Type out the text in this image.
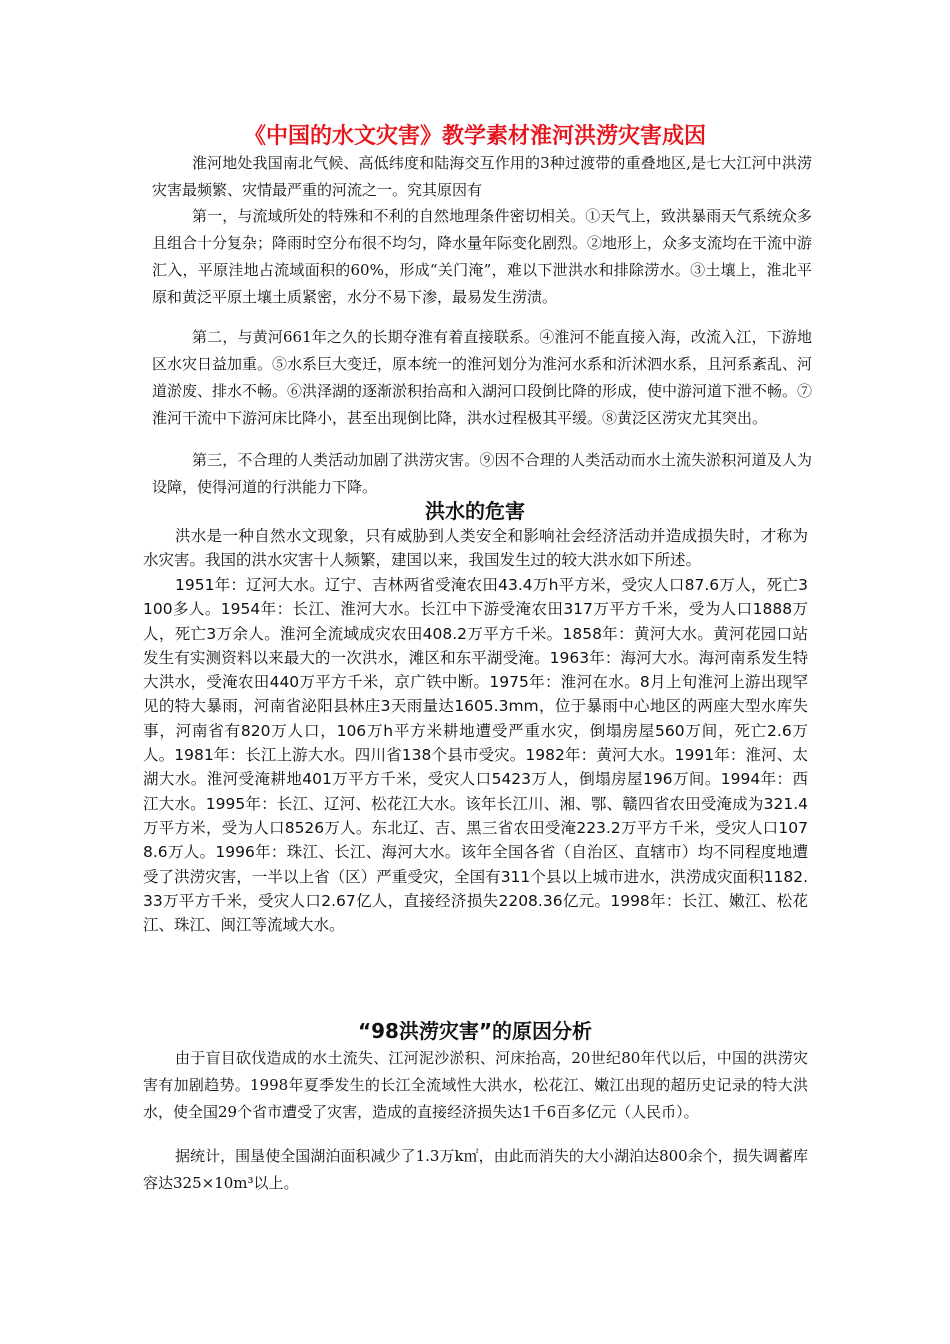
《中国的水文灾害》教学素材淮河洪涝灾害成因

淮河地处我国南北气候、高低纬度和陆海交互作用的3种过渡带的重叠地区,是七大江河中洪涝灾害最频繁、灾情最严重的河流之一。究其原因有

第一，与流域所处的特殊和不利的自然地理条件密切相关。①天气上，致洪暴雨天气系统众多且组合十分复杂；降雨时空分布很不均匀，降水量年际变化剧烈。②地形上，众多支流均在干流中游汇入，平原洼地占流域面积的60%，形成“关门淹”，难以下泄洪水和排除涝水。③土壤上，淮北平原和黄泛平原土壤土质紧密，水分不易下渗，最易发生涝渍。

第二，与黄河661年之久的长期夺淮有着直接联系。④淮河不能直接入海，改流入江，下游地区水灾日益加重。⑤水系巨大变迁，原本统一的淮河划分为淮河水系和沂沭泗水系，且河系紊乱、河道淤废、排水不畅。⑥洪泽湖的逐渐淤积抬高和入湖河口段倒比降的形成，使中游河道下泄不畅。⑦淮河干流中下游河床比降小，甚至出现倒比降，洪水过程极其平缓。⑧黄泛区涝灾尤其突出。

第三，不合理的人类活动加剧了洪涝灾害。⑨因不合理的人类活动而水土流失淤积河道及人为设障，使得河道的行洪能力下降。

洪水的危害

洪水是一种自然水文现象，只有威胁到人类安全和影响社会经济活动并造成损失时，才称为水灾害。我国的洪水灾害十人频繁，建国以来，我国发生过的较大洪水如下所述。

1951年：辽河大水。辽宁、吉林两省受淹农田43.4万h平方米，受灾人口87.6万人，死亡3100多人。1954年：长江、淮河大水。长江中下游受淹农田317万平方千米，受为人口1888万人，死亡3万余人。淮河全流域成灾农田408.2万平方千米。1858年：黄河大水。黄河花园口站发生有实测资料以来最大的一次洪水，滩区和东平湖受淹。1963年：海河大水。海河南系发生特大洪水，受淹农田440万平方千米，京广铁中断。1975年：淮河在水。8月上旬淮河上游出现罕见的特大暴雨，河南省泌阳县林庄3天雨量达1605.3mm，位于暴雨中心地区的两座大型水库失事，河南省有820万人口，106万h平方米耕地遭受严重水灾，倒塌房屋560万间，死亡2.6万人。1981年：长江上游大水。四川省138个县市受灾。1982年：黄河大水。1991年：淮河、太湖大水。淮河受淹耕地401万平方千米，受灾人口5423万人，倒塌房屋196万间。1994年：西江大水。1995年：长江、辽河、松花江大水。该年长江川、湘、鄂、赣四省农田受淹成为321.4万平方米，受为人口8526万人。东北辽、吉、黑三省农田受淹223.2万平方千米，受灾人口1078.6万人。1996年：珠江、长江、海河大水。该年全国各省（自治区、直辖市）均不同程度地遭受了洪涝灾害，一半以上省（区）严重受灾，全国有311个县以上城市进水，洪涝成灾面积1182.33万平方千米，受灾人口2.67亿人，直接经济损失2208.36亿元。1998年：长江、嫩江、松花江、珠江、闽江等流域大水。

“98洪涝灾害”的原因分析

由于盲目砍伐造成的水土流失、江河泥沙淤积、河床抬高，20世纪80年代以后，中国的洪涝灾害有加剧趋势。1998年夏季发生的长江全流域性大洪水，松花江、嫩江出现的超历史记录的特大洪水，使全国29个省市遭受了灾害，造成的直接经济损失达1千6百多亿元（人民币）。

据统计，围垦使全国湖泊面积减少了1.3万k㎡，由此而消失的大小湖泊达800余个，损失调蓄库容达325×10m³以上。
